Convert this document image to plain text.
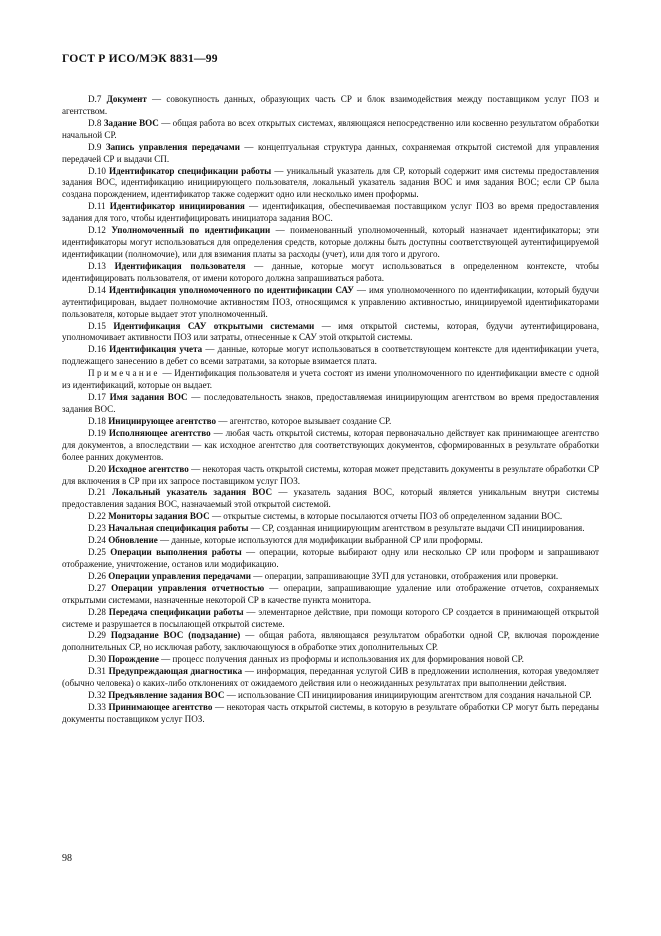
ГОСТ Р ИСО/МЭК 8831—99

D.7 Документ — совокупность данных, образующих часть СР и блок взаимодействия между поставщиком услуг ПОЗ и агентством.

D.8 Задание ВОС — общая работа во всех открытых системах, являющаяся непосредственно или косвенно результатом обработки начальной СР.

D.9 Запись управления передачами — концептуальная структура данных, сохраняемая открытой системой для управления передачей СР и выдачи СП.

D.10 Идентификатор спецификации работы — уникальный указатель для СР, который содержит имя системы предоставления задания ВОС, идентификацию инициирующего пользователя, локальный указатель задания ВОС и имя задания ВОС; если СР была создана порождением, идентификатор также содержит одно или несколько имен проформы.

D.11 Идентификатор инициирования — идентификация, обеспечиваемая поставщиком услуг ПОЗ во время предоставления задания для того, чтобы идентифицировать инициатора задания ВОС.

D.12 Уполномоченный по идентификации — поименованный уполномоченный, который назначает идентификаторы; эти идентификаторы могут использоваться для определения средств, которые должны быть доступны соответствующей аутентифицируемой идентификации (полномочие), или для взимания платы за расходы (учет), или для того и другого.

D.13 Идентификация пользователя — данные, которые могут использоваться в определенном контексте, чтобы идентифицировать пользователя, от имени которого должна запрашиваться работа.

D.14 Идентификация уполномоченного по идентификации САУ — имя уполномоченного по идентификации, который будучи аутентифицирован, выдает полномочие активностям ПОЗ, относящимся к управлению активностью, инициируемой идентификаторами пользователя, которые выдает этот уполномоченный.

D.15 Идентификация САУ открытыми системами — имя открытой системы, которая, будучи аутентифицирована, уполномочивает активности ПОЗ или затраты, отнесенные к САУ этой открытой системы.

D.16 Идентификация учета — данные, которые могут использоваться в соответствующем контексте для идентификации учета, подлежащего занесению в дебет со всеми затратами, за которые взимается плата.

Примечание — Идентификация пользователя и учета состоят из имени уполномоченного по идентификации вместе с одной из идентификаций, которые он выдает.

D.17 Имя задания ВОС — последовательность знаков, предоставляемая инициирующим агентством во время предоставления задания ВОС.

D.18 Инициирующее агентство — агентство, которое вызывает создание СР.

D.19 Исполняющее агентство — любая часть открытой системы, которая первоначально действует как принимающее агентство для документов, а впоследствии — как исходное агентство для соответствующих документов, сформированных в результате обработки более ранних документов.

D.20 Исходное агентство — некоторая часть открытой системы, которая может представить документы в результате обработки СР для включения в СР при их запросе поставщиком услуг ПОЗ.

D.21 Локальный указатель задания ВОС — указатель задания ВОС, который является уникальным внутри системы предоставления задания ВОС, назначаемый этой открытой системой.

D.22 Мониторы задания ВОС — открытые системы, в которые посылаются отчеты ПОЗ об определенном задании ВОС.

D.23 Начальная спецификация работы — СР, созданная инициирующим агентством в результате выдачи СП инициирования.

D.24 Обновление — данные, которые используются для модификации выбранной СР или проформы.

D.25 Операции выполнения работы — операции, которые выбирают одну или несколько СР или проформ и запрашивают отображение, уничтожение, останов или модификацию.

D.26 Операции управления передачами — операции, запрашивающие ЗУП для установки, отображения или проверки.

D.27 Операции управления отчетностью — операции, запрашивающие удаление или отображение отчетов, сохраняемых открытыми системами, назначенные некоторой СР в качестве пункта монитора.

D.28 Передача спецификации работы — элементарное действие, при помощи которого СР создается в принимающей открытой системе и разрушается в посылающей открытой системе.

D.29 Подзадание ВОС (подзадание) — общая работа, являющаяся результатом обработки одной СР, включая порождение дополнительных СР, но исключая работу, заключающуюся в обработке этих дополнительных СР.

D.30 Порождение — процесс получения данных из проформы и использования их для формирования новой СР.

D.31 Предупреждающая диагностика — информация, переданная услугой СИВ в предложении исполнения, которая уведомляет (обычно человека) о каких-либо отклонениях от ожидаемого действия или о неожиданных результатах при выполнении действия.

D.32 Предъявление задания ВОС — использование СП инициирования инициирующим агентством для создания начальной СР.

D.33 Принимающее агентство — некоторая часть открытой системы, в которую в результате обработки СР могут быть переданы документы поставщиком услуг ПОЗ.

98
